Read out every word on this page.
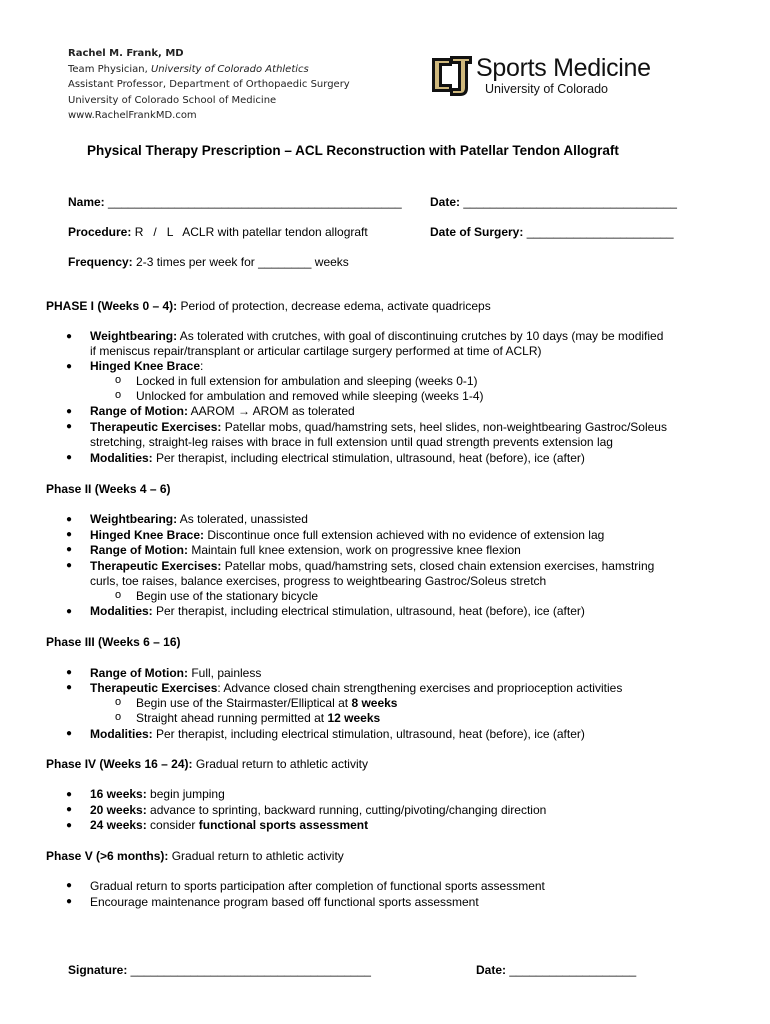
Rachel M. Frank, MD
Team Physician, University of Colorado Athletics
Assistant Professor, Department of Orthopaedic Surgery
University of Colorado School of Medicine
www.RachelFrankMD.com
Sports Medicine
University of Colorado
Physical Therapy Prescription – ACL Reconstruction with Patellar Tendon Allograft
Name: ____________________________________________ Date: ________________________________
Procedure: R   /   L   ACLR with patellar tendon allograft	Date of Surgery: ______________________
Frequency: 2-3 times per week for ________ weeks
PHASE I (Weeks 0 – 4): Period of protection, decrease edema, activate quadriceps
● Weightbearing: As tolerated with crutches, with goal of discontinuing crutches by 10 days (may be modified
if meniscus repair/transplant or articular cartilage surgery performed at time of ACLR)
● Hinged Knee Brace:
o Locked in full extension for ambulation and sleeping (weeks 0-1)
o Unlocked for ambulation and removed while sleeping (weeks 1-4)
● Range of Motion: AAROM → AROM as tolerated
● Therapeutic Exercises: Patellar mobs, quad/hamstring sets, heel slides, non-weightbearing Gastroc/Soleus
stretching, straight-leg raises with brace in full extension until quad strength prevents extension lag
● Modalities: Per therapist, including electrical stimulation, ultrasound, heat (before), ice (after)
Phase II (Weeks 4 – 6)
● Weightbearing: As tolerated, unassisted
● Hinged Knee Brace: Discontinue once full extension achieved with no evidence of extension lag
● Range of Motion: Maintain full knee extension, work on progressive knee flexion
● Therapeutic Exercises: Patellar mobs, quad/hamstring sets, closed chain extension exercises, hamstring
curls, toe raises, balance exercises, progress to weightbearing Gastroc/Soleus stretch
o Begin use of the stationary bicycle
● Modalities: Per therapist, including electrical stimulation, ultrasound, heat (before), ice (after)
Phase III (Weeks 6 – 16)
● Range of Motion: Full, painless
● Therapeutic Exercises: Advance closed chain strengthening exercises and proprioception activities
o Begin use of the Stairmaster/Elliptical at 8 weeks
o Straight ahead running permitted at 12 weeks
● Modalities: Per therapist, including electrical stimulation, ultrasound, heat (before), ice (after)
Phase IV (Weeks 16 – 24): Gradual return to athletic activity
● 16 weeks: begin jumping
● 20 weeks: advance to sprinting, backward running, cutting/pivoting/changing direction
● 24 weeks: consider functional sports assessment
Phase V (>6 months): Gradual return to athletic activity
● Gradual return to sports participation after completion of functional sports assessment
● Encourage maintenance program based off functional sports assessment
Signature: ____________________________________	Date: ___________________
